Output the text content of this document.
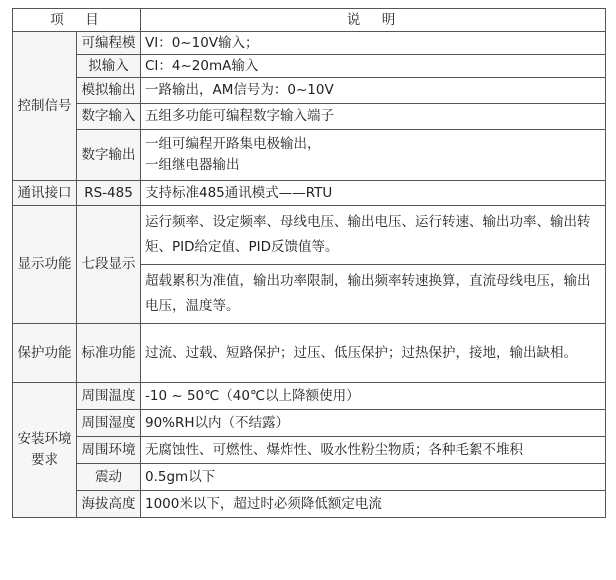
项　目		说　明
控制信号	可编程模	VI：0~10V输入；
	拟输入	CI：4~20mA输入
	模拟输出	一路输出，AM信号为：0~10V
	数字输入	五组多功能可编程数字输入端子
	数字输出	一组可编程开路集电极输出，
一组继电器输出

通讯接口	RS-485	支持标准485通讯模式——RTU
显示功能	七段显示	运行频率、设定频率、母线电压、输出电压、运行转速、输出功率、输出转矩、PID给定值、PID反馈值等。
		超载累积为准值，输出功率限制，输出频率转速换算，直流母线电压，输出电压，温度等。
保护功能	标准功能	过流、过载、短路保护；过压、低压保护；过热保护，接地，输出缺相。

安装环境
要求	周围温度	-10 ~ 50℃（40℃以上降额使用）
	周围湿度	90%RH以内（不结露）
	周围环境	无腐蚀性、可燃性、爆炸性、吸水性粉尘物质；各种毛絮不堆积
	震动	0.5gm以下
	海拔高度	1000米以下，超过时必须降低额定电流
